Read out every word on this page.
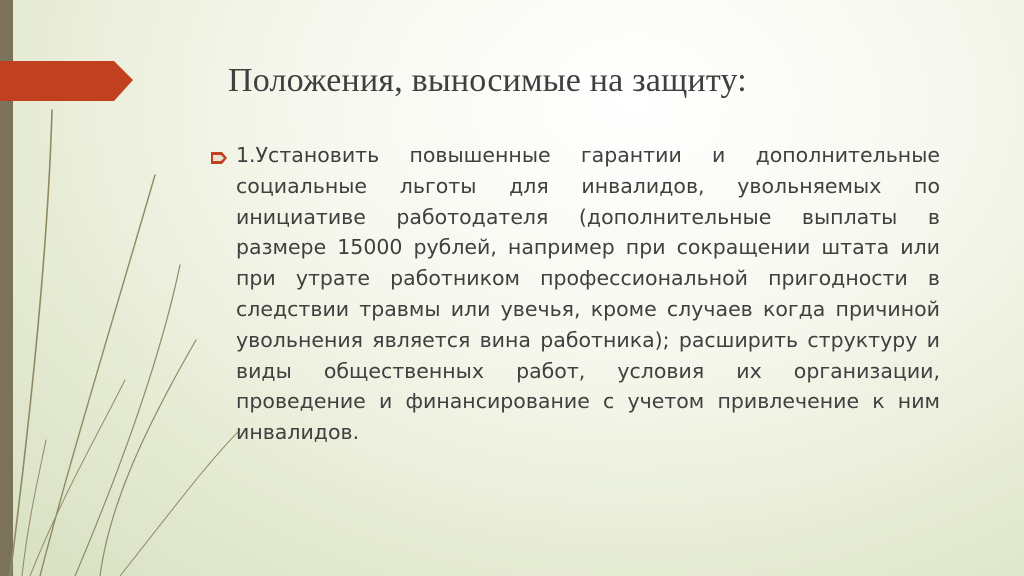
Положения, выносимые на защиту:
1.Установить повышенные гарантии и дополнительные социальные льготы для инвалидов, увольняемых по инициативе работодателя (дополнительные выплаты в размере 15000 рублей, например при сокращении штата или при утрате работником профессиональной пригодности в следствии травмы или увечья, кроме случаев когда причиной увольнения является вина работника); расширить структуру и виды общественных работ, условия их организации, проведение и финансирование с учетом привлечение к ним инвалидов.
